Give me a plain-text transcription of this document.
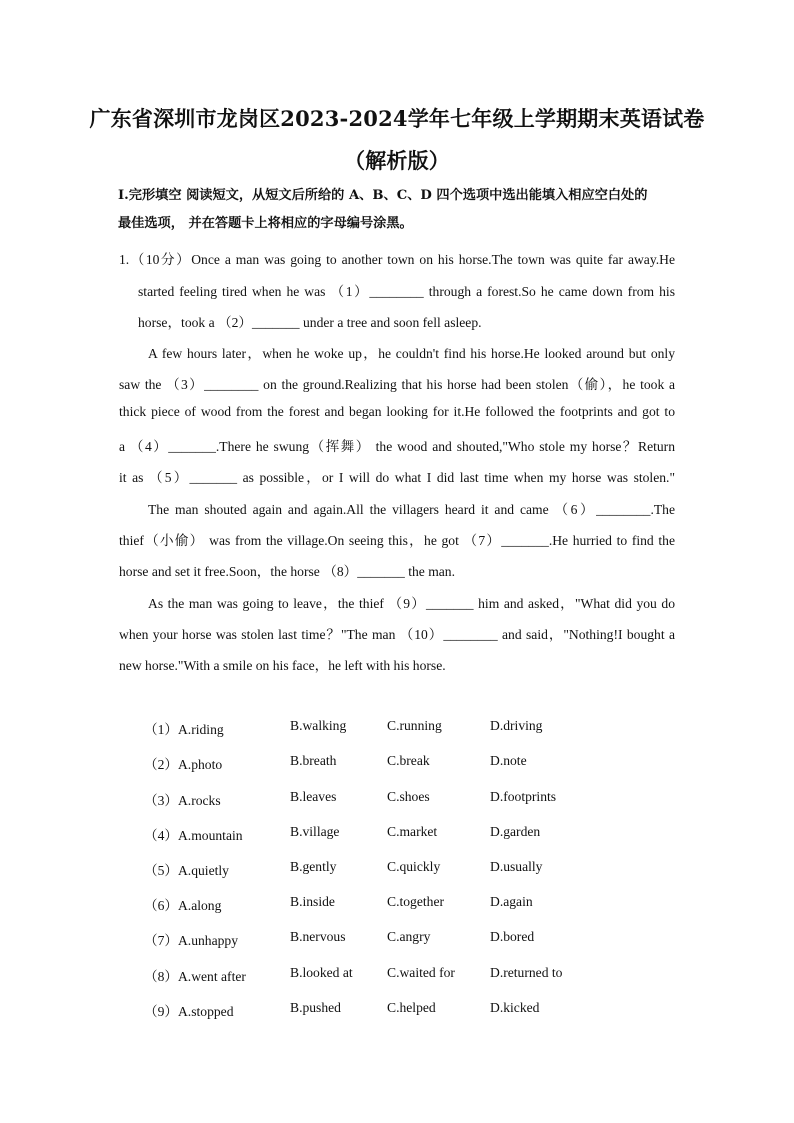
广东省深圳市龙岗区2023-2024学年七年级上学期期末英语试卷
（解析版）
I.完形填空 阅读短文，从短文后所给的 A、B、C、D 四个选项中选出能填入相应空白处的
最佳选项， 并在答题卡上将相应的字母编号涂黑。
1.（10分）Once a man was going to another town on his horse.The town was quite far away.He
started feeling tired when he was （1）________ through a forest.So he came down from his
horse，took a （2）_______ under a tree and soon fell asleep.
A few hours later，when he woke up，he couldn't find his horse.He looked around but only
saw the （3）________ on the ground.Realizing that his horse had been stolen（偷），he took a
thick piece of wood from the forest and began looking for it.He followed the footprints and got to
a （4）_______.There he swung（挥舞） the wood and shouted,"Who stole my horse？Return
it as （5）_______ as possible，or I will do what I did last time when my horse was stolen."
The man shouted again and again.All the villagers heard it and came （6）________.The
thief（小偷） was from the village.On seeing this，he got （7）_______.He hurried to find the
horse and set it free.Soon，the horse （8）_______ the man.
As the man was going to leave，the thief （9）_______ him and asked，"What did you do
when your horse was stolen last time？"The man （10）________ and said，"Nothing!I bought a
new horse."With a smile on his face，he left with his horse.
（1）A.riding	B.walking	C.running	D.driving
（2）A.photo	B.breath	C.break	D.note
（3）A.rocks	B.leaves	C.shoes	D.footprints
（4）A.mountain	B.village	C.market	D.garden
（5）A.quietly	B.gently	C.quickly	D.usually
（6）A.along	B.inside	C.together	D.again
（7）A.unhappy	B.nervous	C.angry	D.bored
（8）A.went after	B.looked at	C.waited for	D.returned to
（9）A.stopped	B.pushed	C.helped	D.kicked
